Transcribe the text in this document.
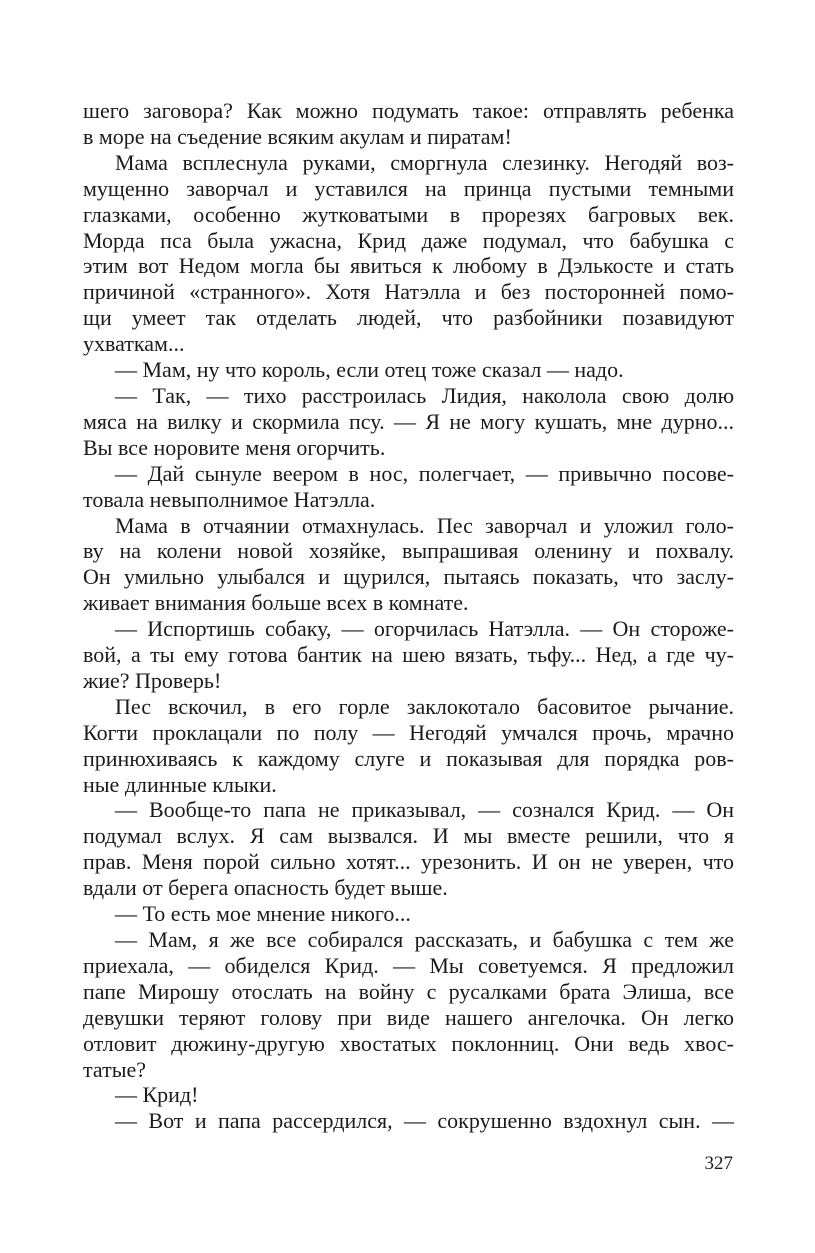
шего заговора? Как можно подумать такое: отправлять ребенка

в море на съедение всяким акулам и пиратам!

Мама всплеснула руками, сморгнула слезинку. Негодяй воз-

мущенно заворчал и уставился на принца пустыми темными

глазками, особенно жутковатыми в прорезях багровых век.

Морда пса была ужасна, Крид даже подумал, что бабушка с

этим вот Недом могла бы явиться к любому в Дэлькосте и стать

причиной «странного». Хотя Натэлла и без посторонней помо-

щи умеет так отделать людей, что разбойники позавидуют

ухваткам...

— Мам, ну что король, если отец тоже сказал — надо.

— Так, — тихо расстроилась Лидия, наколола свою долю

мяса на вилку и скормила псу. — Я не могу кушать, мне дурно...

Вы все норовите меня огорчить.

— Дай сынуле веером в нос, полегчает, — привычно посове-

товала невыполнимое Натэлла.

Мама в отчаянии отмахнулась. Пес заворчал и уложил голо-

ву на колени новой хозяйке, выпрашивая оленину и похвалу.

Он умильно улыбался и щурился, пытаясь показать, что заслу-

живает внимания больше всех в комнате.

— Испортишь собаку, — огорчилась Натэлла. — Он стороже-

вой, а ты ему готова бантик на шею вязать, тьфу... Нед, а где чу-

жие? Проверь!

Пес вскочил, в его горле заклокотало басовитое рычание.

Когти проклацали по полу — Негодяй умчался прочь, мрачно

принюхиваясь к каждому слуге и показывая для порядка ров-

ные длинные клыки.

— Вообще-то папа не приказывал, — сознался Крид. — Он

подумал вслух. Я сам вызвался. И мы вместе решили, что я

прав. Меня порой сильно хотят... урезонить. И он не уверен, что

вдали от берега опасность будет выше.

— То есть мое мнение никого...

— Мам, я же все собирался рассказать, и бабушка с тем же

приехала, — обиделся Крид. — Мы советуемся. Я предложил

папе Мирошу отослать на войну с русалками брата Элиша, все

девушки теряют голову при виде нашего ангелочка. Он легко

отловит дюжину-другую хвостатых поклонниц. Они ведь хвос-

татые?

— Крид!

— Вот и папа рассердился, — сокрушенно вздохнул сын. —

327
